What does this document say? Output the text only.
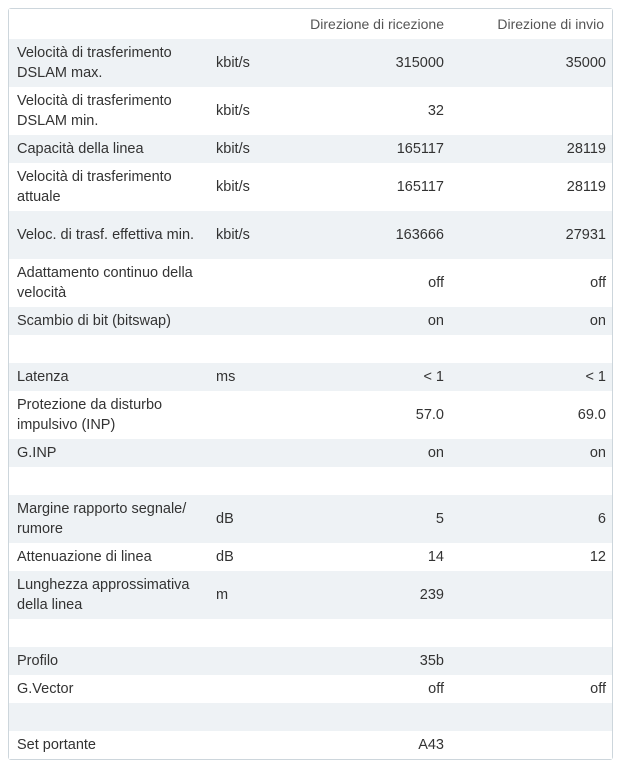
		Direzione di ricezione	Direzione di invio
Velocità di trasferimento DSLAM max.	kbit/s	315000	35000
Velocità di trasferimento DSLAM min.	kbit/s	32	
Capacità della linea	kbit/s	165117	28119
Velocità di trasferimento attuale	kbit/s	165117	28119
Veloc. di trasf. effettiva min.	kbit/s	163666	27931
Adattamento continuo della velocità		off	off
Scambio di bit (bitswap)		on	on

Latenza	ms	< 1	< 1
Protezione da disturbo impulsivo (INP)		57.0	69.0
G.INP		on	on

Margine rapporto segnale/ rumore	dB	5	6
Attenuazione di linea	dB	14	12
Lunghezza approssimativa della linea	m	239	

Profilo		35b	
G.Vector		off	off

Set portante		A43	
